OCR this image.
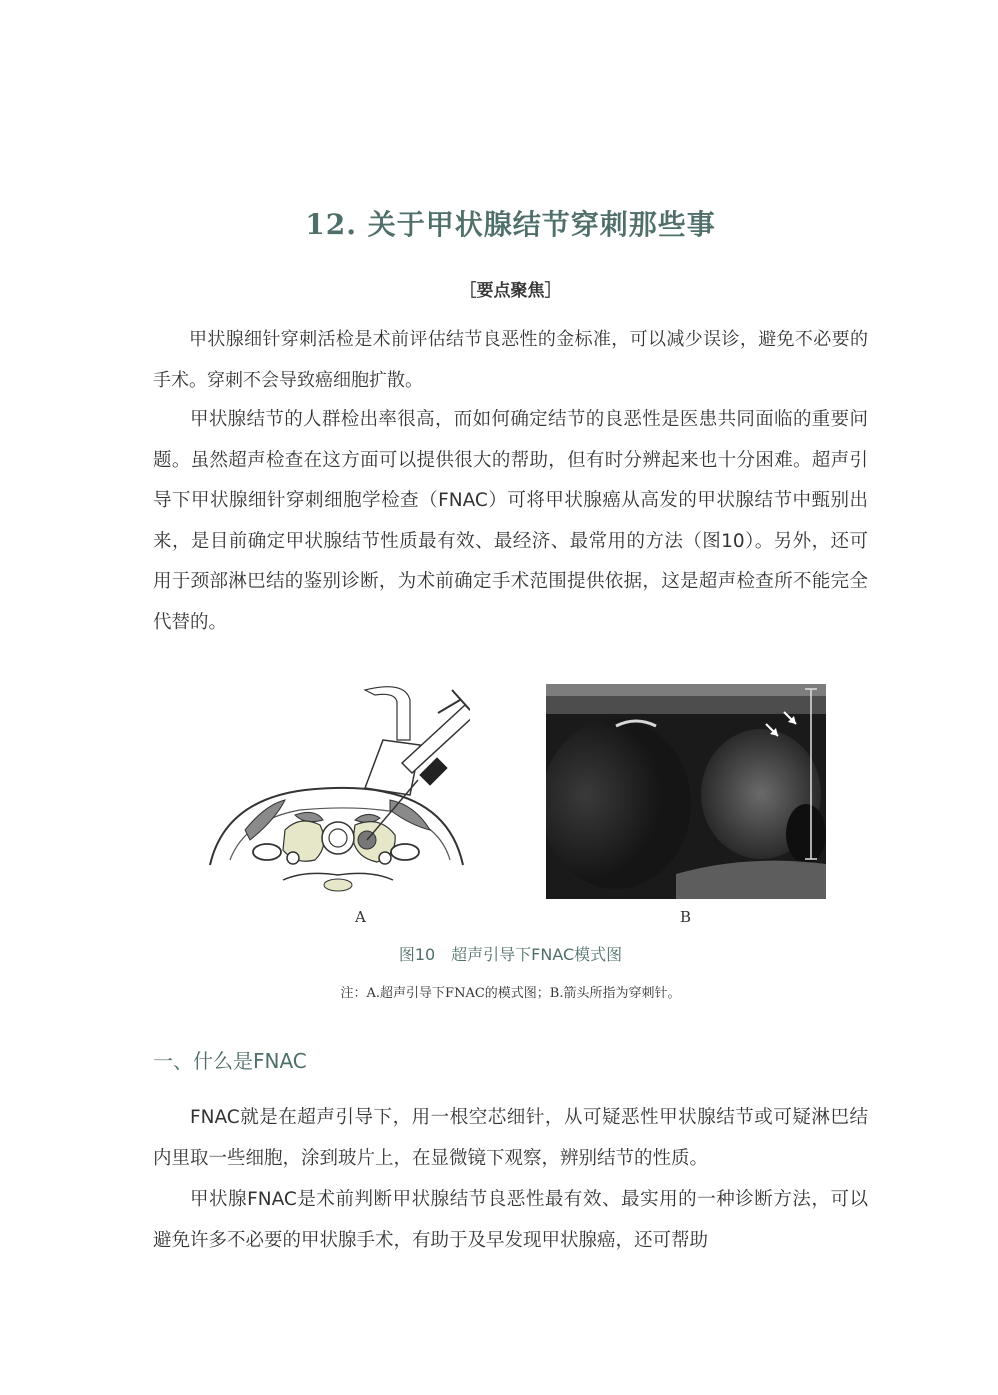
12. 关于甲状腺结节穿刺那些事
［要点聚焦］

甲状腺细针穿刺活检是术前评估结节良恶性的金标准，可以减少误诊，避免不必要的手术。穿刺不会导致癌细胞扩散。

甲状腺结节的人群检出率很高，而如何确定结节的良恶性是医患共同面临的重要问题。虽然超声检查在这方面可以提供很大的帮助，但有时分辨起来也十分困难。超声引导下甲状腺细针穿刺细胞学检查（FNAC）可将甲状腺癌从高发的甲状腺结节中甄别出来，是目前确定甲状腺结节性质最有效、最经济、最常用的方法（图10）。另外，还可用于颈部淋巴结的鉴别诊断，为术前确定手术范围提供依据，这是超声检查所不能完全代替的。

A	B
图10　超声引导下FNAC模式图
注：A.超声引导下FNAC的模式图；B.箭头所指为穿刺针。
一、什么是FNAC

FNAC就是在超声引导下，用一根空芯细针，从可疑恶性甲状腺结节或可疑淋巴结内里取一些细胞，涂到玻片上，在显微镜下观察，辨别结节的性质。

甲状腺FNAC是术前判断甲状腺结节良恶性最有效、最实用的一种诊断方法，可以避免许多不必要的甲状腺手术，有助于及早发现甲状腺癌，还可帮助
